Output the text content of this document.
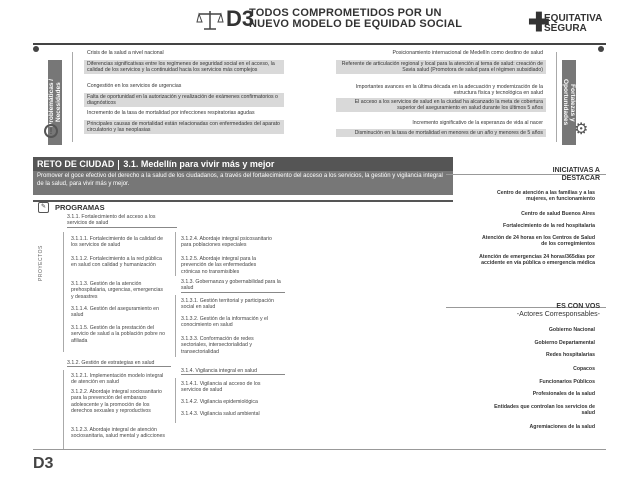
D3
TODOS COMPROMETIDOS POR UN
NUEVO MODELO DE EQUIDAD SOCIAL	✚
EQUITATIVA
SEGURA
Problemáticas / Necesidades
!
Crisis de la salud a nivel nacional
Diferencias significativas entre los regímenes de seguridad social en el acceso, la calidad de los servicios y la continuidad hacia los servicios más complejos
Congestión en los servicios de urgencias
Falta de oportunidad en la autorización y realización de exámenes confirmatorios o diagnósticos
Incremento de la tasa de mortalidad por infecciones respiratorias agudas
Principales causas de mortalidad están relacionadas con enfermedades del aparato circulatorio y las neoplasias
Posicionamiento internacional de Medellín como destino de salud
Referente de articulación regional y local para la atención al tema de salud: creación de Savia salud (Promotora de salud para el régimen subsidiado)
Importantes avances en la última década en la adecuación y modernización de la estructura física y tecnológica en salud
El acceso a los servicios de salud en la ciudad ha alcanzado la meta de cobertura superior del aseguramiento en salud durante los últimos 5 años
Incremento significativo de la esperanza de vida al nacer
Disminución en la tasa de mortalidad en menores de un año y menores de 5 años
Fortalezas y Oportunidades
⚙
RETO DE CIUDAD 3.1. Medellín para vivir más y mejor
Promover el goce efectivo del derecho a la salud de los ciudadanos, a través del fortalecimiento del acceso a los servicios, la gestión y vigilancia integral de la salud, para vivir más y mejor.
✎	PROGRAMAS
PROYECTOS
3.1.1. Fortalecimiento del acceso a los servicios de salud
3.1.1.1. Fortalecimiento de la calidad de los servicios de salud
3.1.1.2. Fortalecimiento a la red pública en salud con calidad y humanización
3.1.1.3. Gestión de la atención prehospitalaria, urgencias, emergencias y desastres
3.1.1.4. Gestión del aseguramiento en salud
3.1.1.5. Gestión de la prestación del servicio de salud a la población pobre no afiliada
3.1.2. Gestión de estrategias en salud
3.1.2.1. Implementación modelo integral de atención en salud
3.1.2.2. Abordaje integral sociosanitario para la prevención del embarazo adolescente y la promoción de los derechos sexuales y reproductivos
3.1.2.3. Abordaje integral de atención sociosanitaria, salud mental y adicciones
3.1.2.4. Abordaje integral psicosanitario para poblaciones especiales
3.1.2.5. Abordaje integral para la prevención de las enfermedades crónicas no transmisibles
3.1.3. Gobernanza y gobernabilidad para la salud
3.1.3.1. Gestión territorial y participación social en salud
3.1.3.2. Gestión de la información y el conocimiento en salud
3.1.3.3. Conformación de redes sectoriales, intersectorialidad y transectorialidad
3.1.4. Vigilancia integral en salud
3.1.4.1. Vigilancia al acceso de los servicios de salud
3.1.4.2. Vigilancia epidemiológica
3.1.4.3. Vigilancia salud ambiental
INICIATIVAS A
DESTACAR
Centro de atención a las familias y a las mujeres, en funcionamiento
Centro de salud Buenos Aires
Fortalecimiento de la red hospitalaria
Atención de 24 horas en los Centros de Salud de los corregimientos
Atención de emergencias 24 horas/365días por accidente en vía pública o emergencia médica
ES CON VOS
-Actores Corresponsables-
Gobierno Nacional
Gobierno Departamental
Redes hospitalarias
Copacos
Funcionarios Públicos
Profesionales de la salud
Entidades que controlan los servicios de salud
Agremiaciones de la salud
D3
